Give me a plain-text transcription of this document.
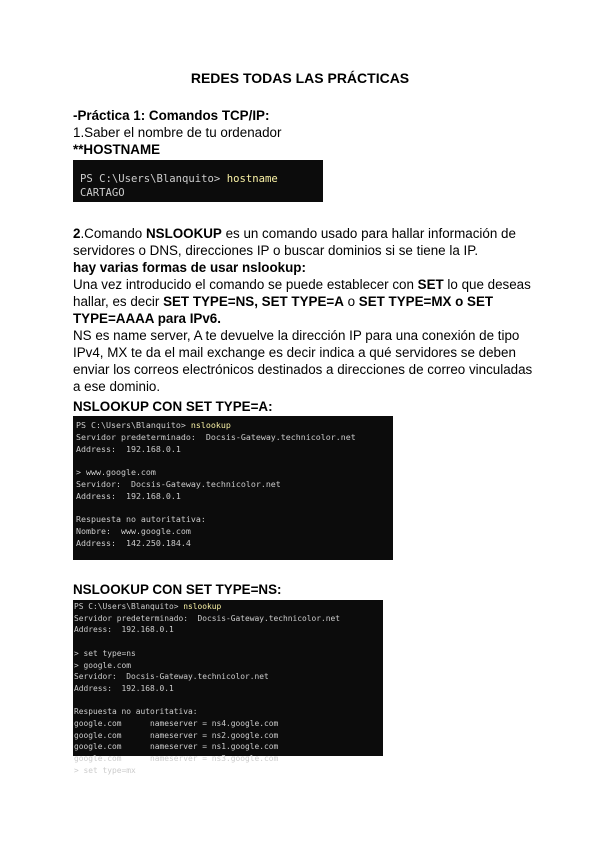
REDES TODAS LAS PRÁCTICAS
-Práctica 1: Comandos TCP/IP:
1.Saber el nombre de tu ordenador
**HOSTNAME
PS C:\Users\Blanquito> hostname
CARTAGO
2.Comando NSLOOKUP es un comando usado para hallar información de servidores o DNS, direcciones IP o buscar dominios si se tiene la IP.
hay varias formas de usar nslookup:
Una vez introducido el comando se puede establecer con SET lo que deseas hallar, es decir SET TYPE=NS, SET TYPE=A o SET TYPE=MX o SET TYPE=AAAA para IPv6.
NS es name server, A te devuelve la dirección IP para una conexión de tipo IPv4, MX te da el mail exchange es decir indica a qué servidores se deben enviar los correos electrónicos destinados a direcciones de correo vinculadas a ese dominio.
NSLOOKUP CON SET TYPE=A:
PS C:\Users\Blanquito> nslookup
Servidor predeterminado:  Docsis-Gateway.technicolor.net
Address:  192.168.0.1

> www.google.com
Servidor:  Docsis-Gateway.technicolor.net
Address:  192.168.0.1

Respuesta no autoritativa:
Nombre:  www.google.com
Address:  142.250.184.4
NSLOOKUP CON SET TYPE=NS:
PS C:\Users\Blanquito> nslookup
Servidor predeterminado:  Docsis-Gateway.technicolor.net
Address:  192.168.0.1

> set type=ns
> google.com
Servidor:  Docsis-Gateway.technicolor.net
Address:  192.168.0.1

Respuesta no autoritativa:
google.com      nameserver = ns4.google.com
google.com      nameserver = ns2.google.com
google.com      nameserver = ns1.google.com
google.com      nameserver = ns3.google.com
> set type=mx
